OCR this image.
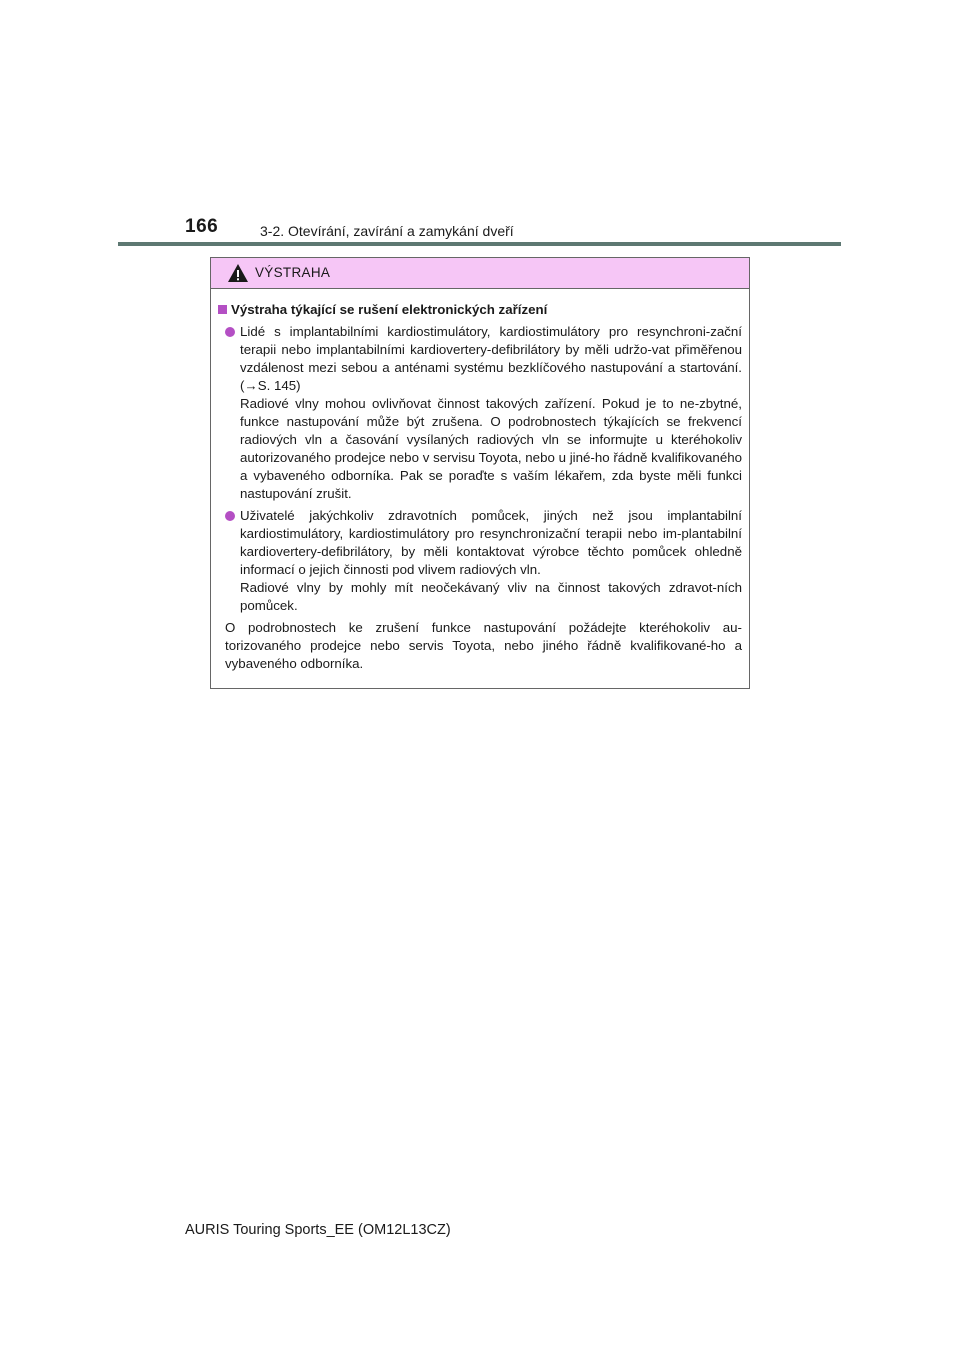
166	3-2. Otevírání, zavírání a zamykání dveří
VÝSTRAHA
Výstraha týkající se rušení elektronických zařízení
Lidé s implantabilními kardiostimulátory, kardiostimulátory pro resynchroni-zační terapii nebo implantabilními kardiovertery-defibrilátory by měli udržo-vat přiměřenou vzdálenost mezi sebou a anténami systému bezklíčového nastupování a startování. (→S. 145)
Radiové vlny mohou ovlivňovat činnost takových zařízení. Pokud je to ne-zbytné, funkce nastupování může být zrušena. O podrobnostech týkajících se frekvencí radiových vln a časování vysílaných radiových vln se informujte u kteréhokoliv autorizovaného prodejce nebo v servisu Toyota, nebo u jiné-ho řádně kvalifikovaného a vybaveného odborníka. Pak se poraďte s vaším lékařem, zda byste měli funkci nastupování zrušit.
Uživatelé jakýchkoliv zdravotních pomůcek, jiných než jsou implantabilní kardiostimulátory, kardiostimulátory pro resynchronizační terapii nebo im-plantabilní kardiovertery-defibrilátory, by měli kontaktovat výrobce těchto pomůcek ohledně informací o jejich činnosti pod vlivem radiových vln.
Radiové vlny by mohly mít neočekávaný vliv na činnost takových zdravot-ních pomůcek.
O podrobnostech ke zrušení funkce nastupování požádejte kteréhokoliv au-torizovaného prodejce nebo servis Toyota, nebo jiného řádně kvalifikované-ho a vybaveného odborníka.
AURIS Touring Sports_EE (OM12L13CZ)
